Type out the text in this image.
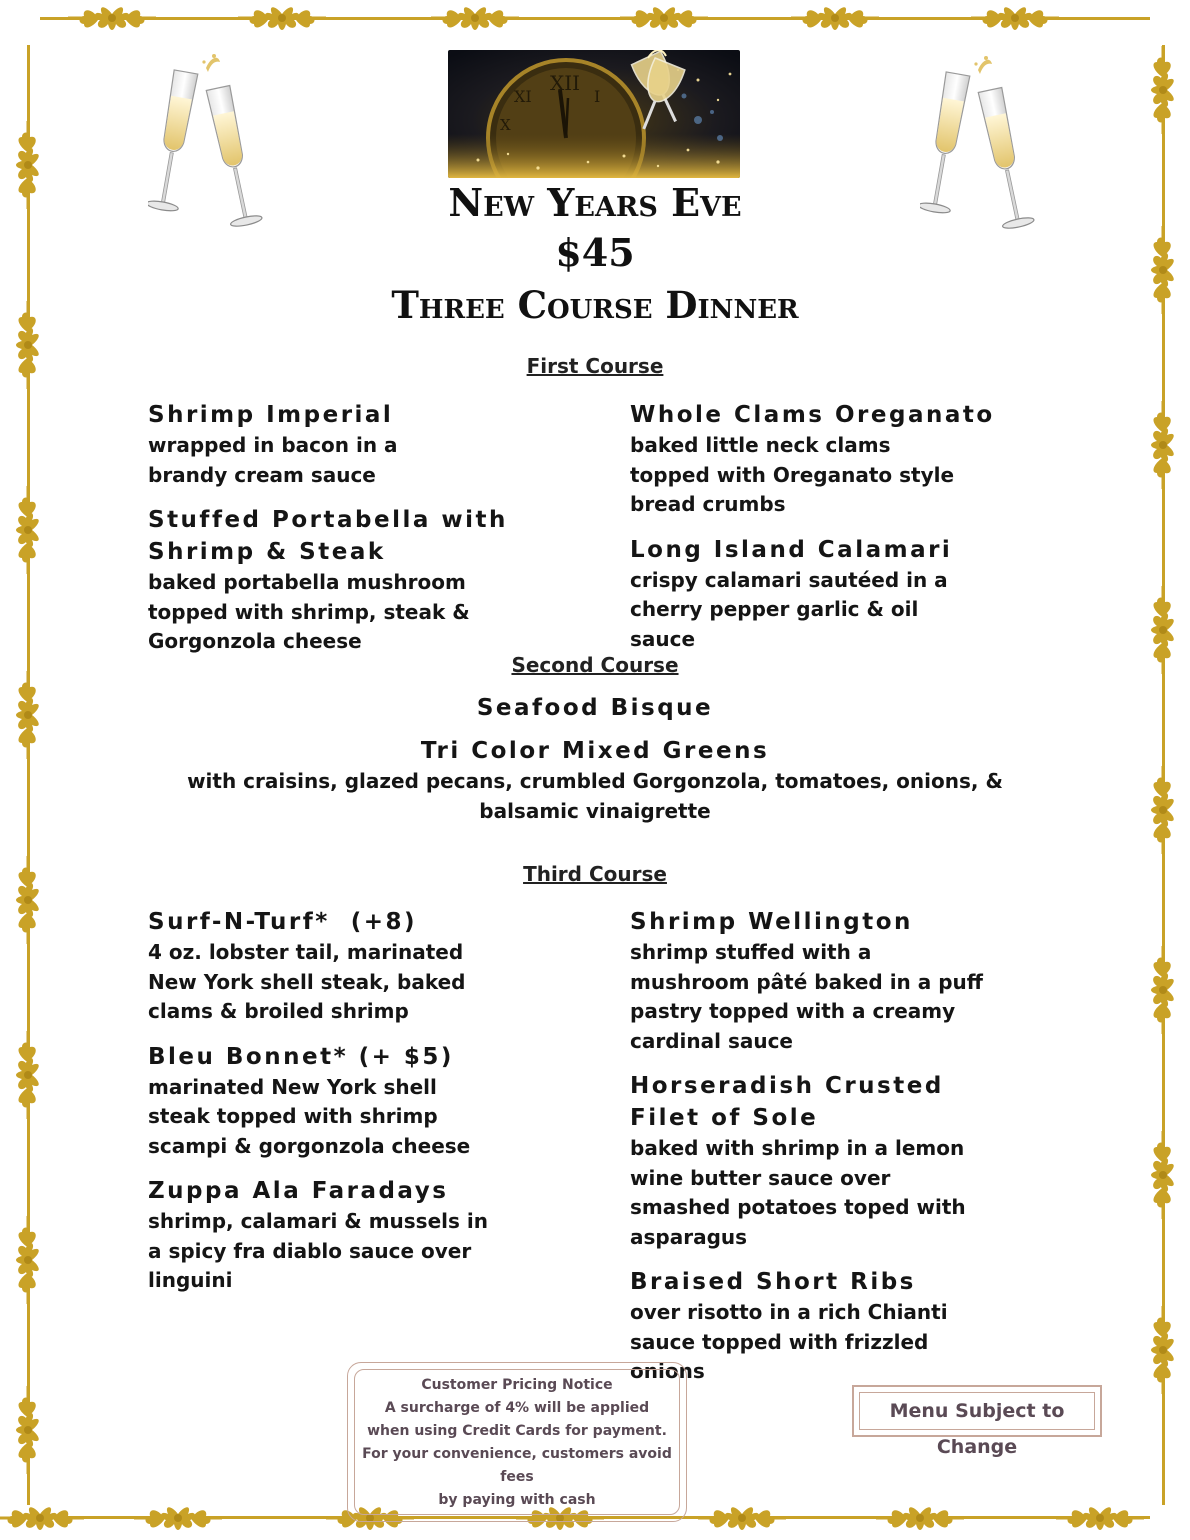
XII
XI	I
X
New Years Eve
$45
Three Course Dinner
First Course
Shrimp Imperial
wrapped in bacon in a brandy cream sauce
Stuffed Portabella with Shrimp & Steak
baked portabella mushroom topped with shrimp, steak & Gorgonzola cheese
Whole Clams Oreganato
baked little neck clams topped with Oreganato style bread crumbs
Long Island Calamari
crispy calamari sautéed in a cherry pepper garlic & oil sauce
Second Course
Seafood Bisque
Tri Color Mixed Greens
with craisins, glazed pecans, crumbled Gorgonzola, tomatoes, onions, & balsamic vinaigrette
Third Course
Surf-N-Turf*  (+8)
4 oz. lobster tail, marinated New York shell steak, baked clams & broiled shrimp
Bleu Bonnet* (+ $5)
marinated New York shell steak topped with shrimp scampi & gorgonzola cheese
Zuppa Ala Faradays
shrimp, calamari & mussels in a spicy fra diablo sauce over linguini
Shrimp Wellington
shrimp stuffed with a mushroom pâté baked in a puff pastry topped with a creamy cardinal sauce
Horseradish Crusted  Filet of Sole
baked with shrimp in a lemon wine butter sauce over smashed potatoes toped with asparagus
Braised Short Ribs
over risotto in a rich Chianti sauce topped with frizzled onions
Customer Pricing Notice
A surcharge of 4% will be applied
when using Credit Cards for payment.
For your convenience, customers avoid fees
by paying with cash
Menu Subject to Change
